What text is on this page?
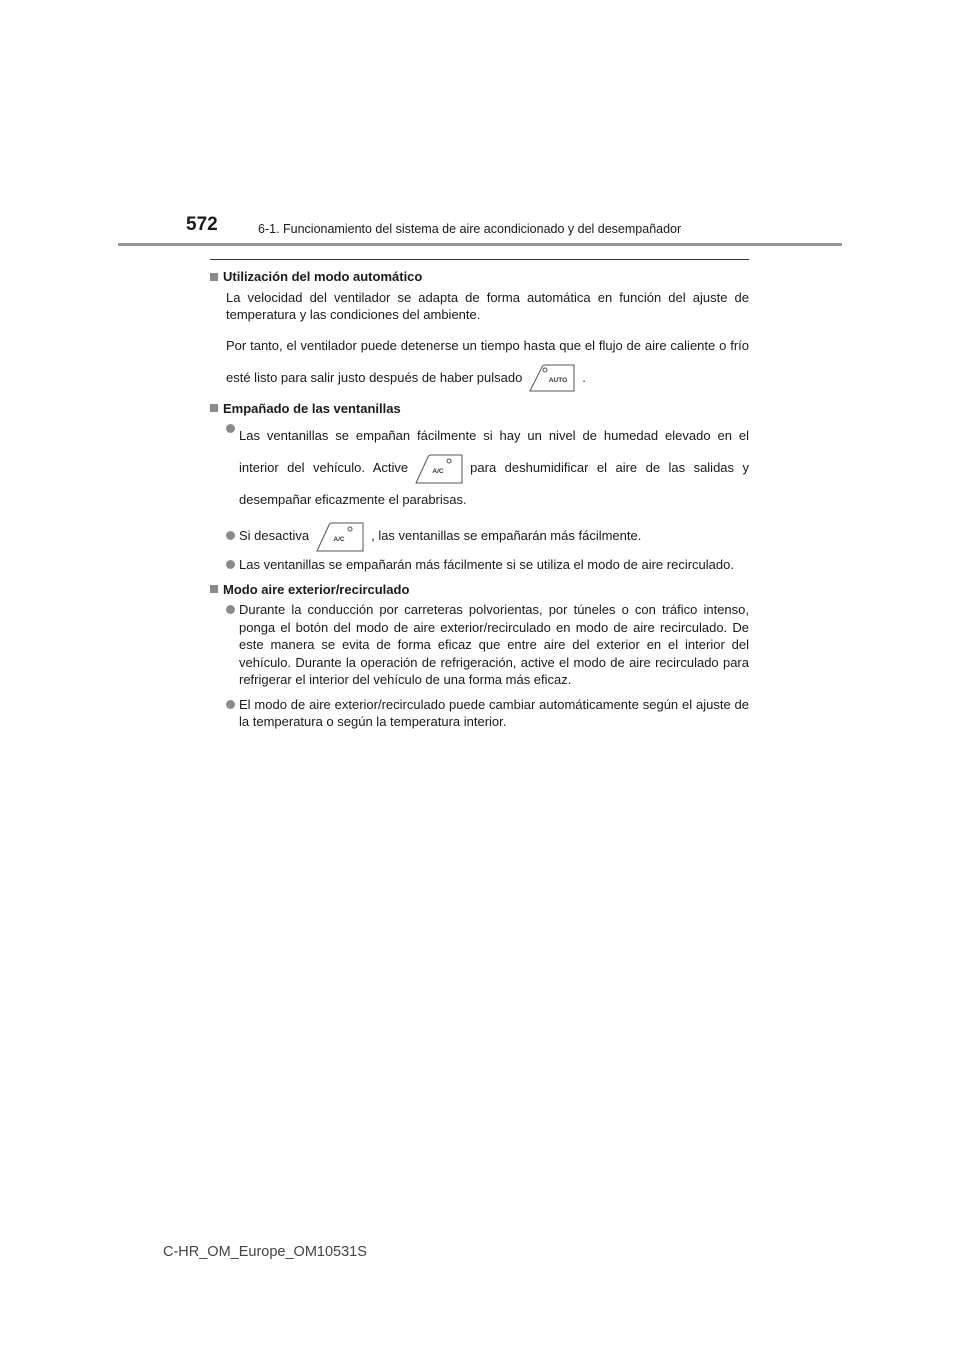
572	6-1. Funcionamiento del sistema de aire acondicionado y del desempañador
Utilización del modo automático

La velocidad del ventilador se adapta de forma automática en función del ajuste de temperatura y las condiciones del ambiente.

Por tanto, el ventilador puede detenerse un tiempo hasta que el flujo de aire caliente o frío esté listo para salir justo después de haber pulsado	AUTO .

Empañado de las ventanillas
Las ventanillas se empañan fácilmente si hay un nivel de humedad elevado en el interior del vehículo. Active	A/C para deshumidificar el aire de las salidas y desempañar eficazmente el parabrisas.
Si desactiva	A/C , las ventanillas se empañarán más fácilmente.
Las ventanillas se empañarán más fácilmente si se utiliza el modo de aire recirculado.
Modo aire exterior/recirculado
Durante la conducción por carreteras polvorientas, por túneles o con tráfico intenso, ponga el botón del modo de aire exterior/recirculado en modo de aire recirculado. De este manera se evita de forma eficaz que entre aire del exterior en el interior del vehículo. Durante la operación de refrigeración, active el modo de aire recirculado para refrigerar el interior del vehículo de una forma más eficaz.
El modo de aire exterior/recirculado puede cambiar automáticamente según el ajuste de la temperatura o según la temperatura interior.
C-HR_OM_Europe_OM10531S
